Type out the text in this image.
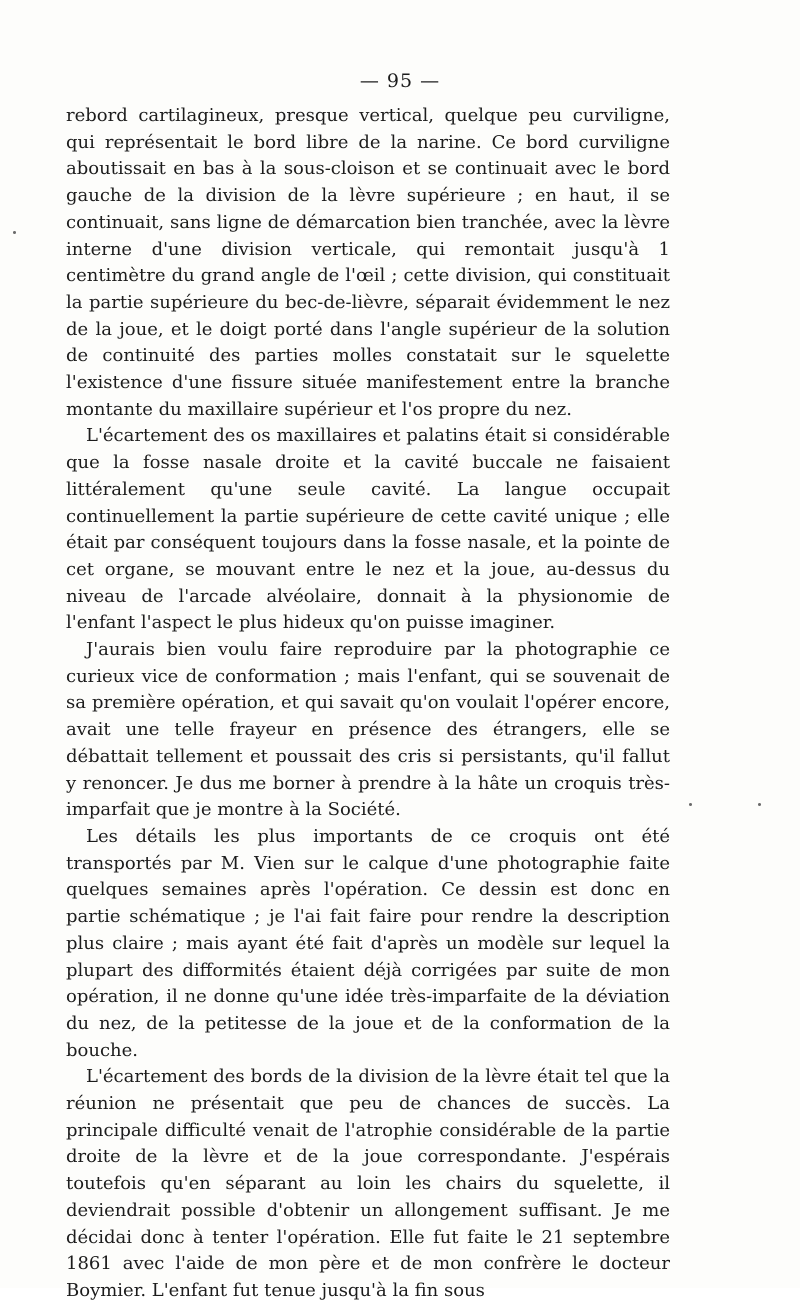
— 95 —

rebord cartilagineux, presque vertical, quelque peu curviligne, qui représentait le bord libre de la narine. Ce bord curviligne aboutissait en bas à la sous-cloison et se continuait avec le bord gauche de la division de la lèvre supérieure ; en haut, il se continuait, sans ligne de démarcation bien tranchée, avec la lèvre interne d'une division verticale, qui remontait jusqu'à 1 centimètre du grand angle de l'œil ; cette division, qui constituait la partie supérieure du bec-de-lièvre, séparait évidemment le nez de la joue, et le doigt porté dans l'angle supérieur de la solution de continuité des parties molles constatait sur le squelette l'existence d'une fissure située manifestement entre la branche montante du maxillaire supérieur et l'os propre du nez.

L'écartement des os maxillaires et palatins était si considérable que la fosse nasale droite et la cavité buccale ne faisaient littéralement qu'une seule cavité. La langue occupait continuellement la partie supérieure de cette cavité unique ; elle était par conséquent toujours dans la fosse nasale, et la pointe de cet organe, se mouvant entre le nez et la joue, au-dessus du niveau de l'arcade alvéolaire, donnait à la physionomie de l'enfant l'aspect le plus hideux qu'on puisse imaginer.

J'aurais bien voulu faire reproduire par la photographie ce curieux vice de conformation ; mais l'enfant, qui se souvenait de sa première opération, et qui savait qu'on voulait l'opérer encore, avait une telle frayeur en présence des étrangers, elle se débattait tellement et poussait des cris si persistants, qu'il fallut y renoncer. Je dus me borner à prendre à la hâte un croquis très-imparfait que je montre à la Société.

Les détails les plus importants de ce croquis ont été transportés par M. Vien sur le calque d'une photographie faite quelques semaines après l'opération. Ce dessin est donc en partie schématique ; je l'ai fait faire pour rendre la description plus claire ; mais ayant été fait d'après un modèle sur lequel la plupart des difformités étaient déjà corrigées par suite de mon opération, il ne donne qu'une idée très-imparfaite de la déviation du nez, de la petitesse de la joue et de la conformation de la bouche.

L'écartement des bords de la division de la lèvre était tel que la réunion ne présentait que peu de chances de succès. La principale difficulté venait de l'atrophie considérable de la partie droite de la lèvre et de la joue correspondante. J'espérais toutefois qu'en séparant au loin les chairs du squelette, il deviendrait possible d'obtenir un allongement suffisant. Je me décidai donc à tenter l'opération. Elle fut faite le 21 septembre 1861 avec l'aide de mon père et de mon confrère le docteur Boymier. L'enfant fut tenue jusqu'à la fin sous
